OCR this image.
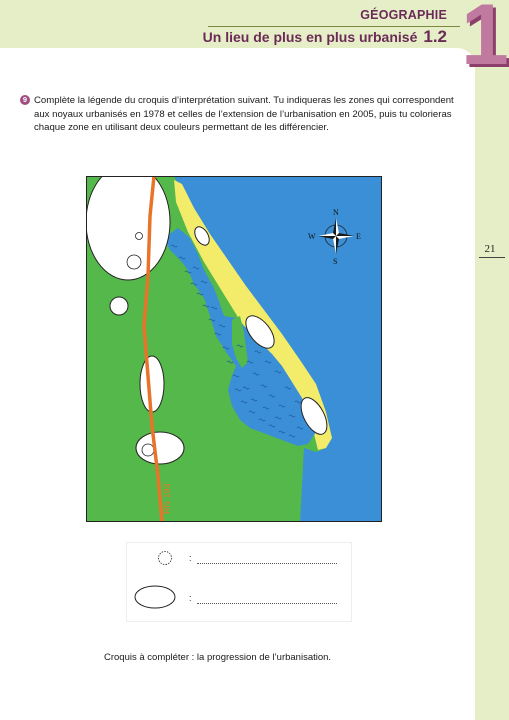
21
GÉOGRAPHIE
Un lieu de plus en plus urbanisé 1.2 1
9 Complète la légende du croquis d’interprétation suivant. Tu indiqueras les zones qui correspondent aux noyaux urbanisés en 1978 et celles de l’extension de l’urbanisation en 2005, puis tu colorieras chaque zone en utilisant deux couleurs permettant de les différencier.
RN 193
N
S
E
W
:
:
Croquis à compléter : la progression de l’urbanisation.
